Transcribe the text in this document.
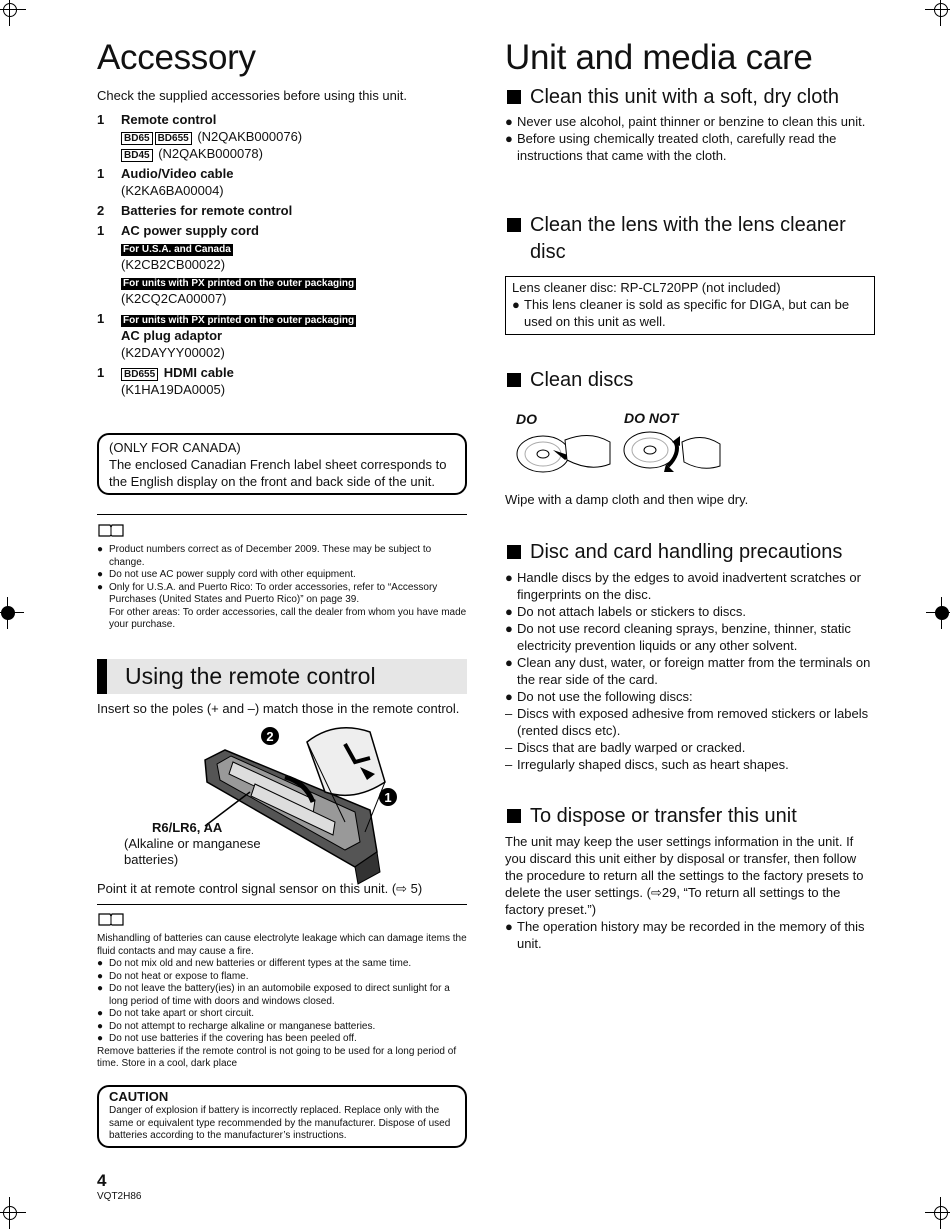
Accessory

Check the supplied accessories before using this unit.

1	Remote control
BD65 BD655 (N2QAKB000076)
BD45 (N2QAKB000078)
1	Audio/Video cable
(K2KA6BA00004)
2	Batteries for remote control
1	AC power supply cord
For U.S.A. and Canada
(K2CB2CB00022)
For units with PX printed on the outer packaging
(K2CQ2CA00007)
1	For units with PX printed on the outer packaging
AC plug adaptor
(K2DAYYY00002)
1	BD655 HDMI cable
(K1HA19DA0005)
(ONLY FOR CANADA)
The enclosed Canadian French label sheet corresponds to
the English display on the front and back side of the unit.
● Product numbers correct as of December 2009. These may be subject to change.
● Do not use AC power supply cord with other equipment.
● Only for U.S.A. and Puerto Rico: To order accessories, refer to “Accessory Purchases (United States and Puerto Rico)” on page 39.
For other areas: To order accessories, call the dealer from whom you have made your purchase.
Using the remote control

Insert so the poles (+ and –) match those in the remote control.

2
1
R6/LR6, AA
(Alkaline or manganese
batteries)

Point it at remote control signal sensor on this unit. (⇨ 5)

Mishandling of batteries can cause electrolyte leakage which can damage items the fluid contacts and may cause a fire.
● Do not mix old and new batteries or different types at the same time.
● Do not heat or expose to flame.
● Do not leave the battery(ies) in an automobile exposed to direct sunlight for a long period of time with doors and windows closed.
● Do not take apart or short circuit.
● Do not attempt to recharge alkaline or manganese batteries.
● Do not use batteries if the covering has been peeled off.
Remove batteries if the remote control is not going to be used for a long period of time. Store in a cool, dark place
CAUTION
Danger of explosion if battery is incorrectly replaced. Replace only with the same or equivalent type recommended by the manufacturer. Dispose of used batteries according to the manufacturer’s instructions.
4
VQT2H86
Unit and media care
Clean this unit with a soft, dry cloth
● Never use alcohol, paint thinner or benzine to clean this unit.
● Before using chemically treated cloth, carefully read the instructions that came with the cloth.
Clean the lens with the lens cleaner
disc
Lens cleaner disc: RP-CL720PP (not included)
● This lens cleaner is sold as specific for DIGA, but can be used on this unit as well.
Clean discs
DO	DO NOT

Wipe with a damp cloth and then wipe dry.

Disc and card handling precautions
● Handle discs by the edges to avoid inadvertent scratches or fingerprints on the disc.
● Do not attach labels or stickers to discs.
● Do not use record cleaning sprays, benzine, thinner, static electricity prevention liquids or any other solvent.
● Clean any dust, water, or foreign matter from the terminals on the rear side of the card.
● Do not use the following discs:
– Discs with exposed adhesive from removed stickers or labels (rented discs etc).
– Discs that are badly warped or cracked.
– Irregularly shaped discs, such as heart shapes.
To dispose or transfer this unit
The unit may keep the user settings information in the unit. If you discard this unit either by disposal or transfer, then follow the procedure to return all the settings to the factory presets to delete the user settings. (⇨29, “To return all settings to the factory preset.”)
● The operation history may be recorded in the memory of this unit.
